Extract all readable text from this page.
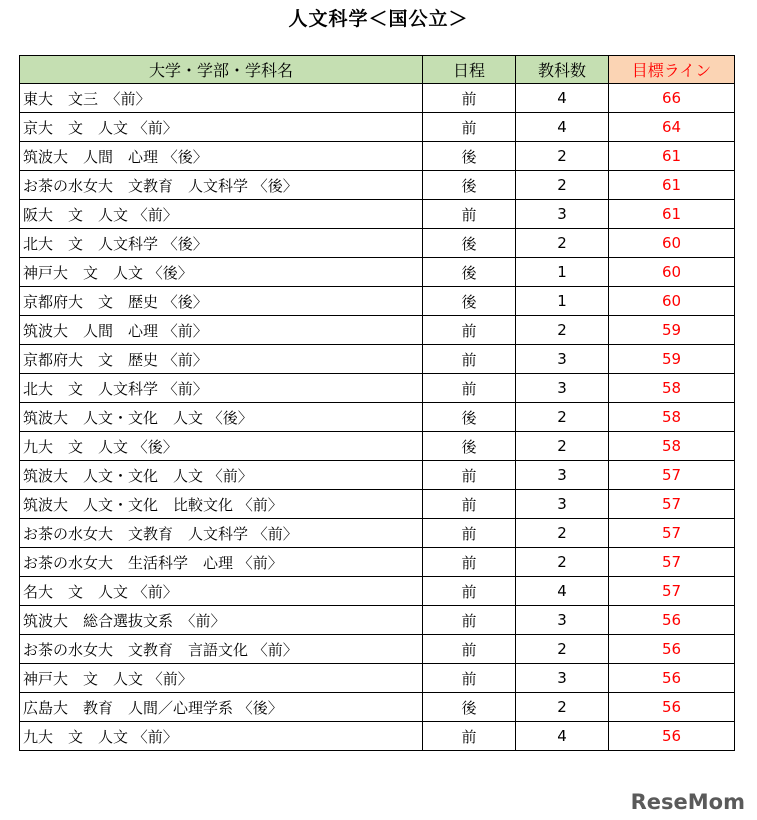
人文科学＜国公立＞
大学・学部・学科名	日程	教科数	目標ライン
東大　文三　〈前〉	前	4	66
京大　文　人文 〈前〉	前	4	64
筑波大　人間　心理 〈後〉	後	2	61
お茶の水女大　文教育　人文科学 〈後〉	後	2	61
阪大　文　人文 〈前〉	前	3	61
北大　文　人文科学 〈後〉	後	2	60
神戸大　文　人文 〈後〉	後	1	60
京都府大　文　歴史 〈後〉	後	1	60
筑波大　人間　心理 〈前〉	前	2	59
京都府大　文　歴史 〈前〉	前	3	59
北大　文　人文科学 〈前〉	前	3	58
筑波大　人文・文化　人文 〈後〉	後	2	58
九大　文　人文 〈後〉	後	2	58
筑波大　人文・文化　人文 〈前〉	前	3	57
筑波大　人文・文化　比較文化 〈前〉	前	3	57
お茶の水女大　文教育　人文科学 〈前〉	前	2	57
お茶の水女大　生活科学　心理 〈前〉	前	2	57
名大　文　人文 〈前〉	前	4	57
筑波大　総合選抜文系　〈前〉	前	3	56
お茶の水女大　文教育　言語文化 〈前〉	前	2	56
神戸大　文　人文 〈前〉	前	3	56
広島大　教育　人間／心理学系 〈後〉	後	2	56
九大　文　人文 〈前〉	前	4	56
ReseMom
